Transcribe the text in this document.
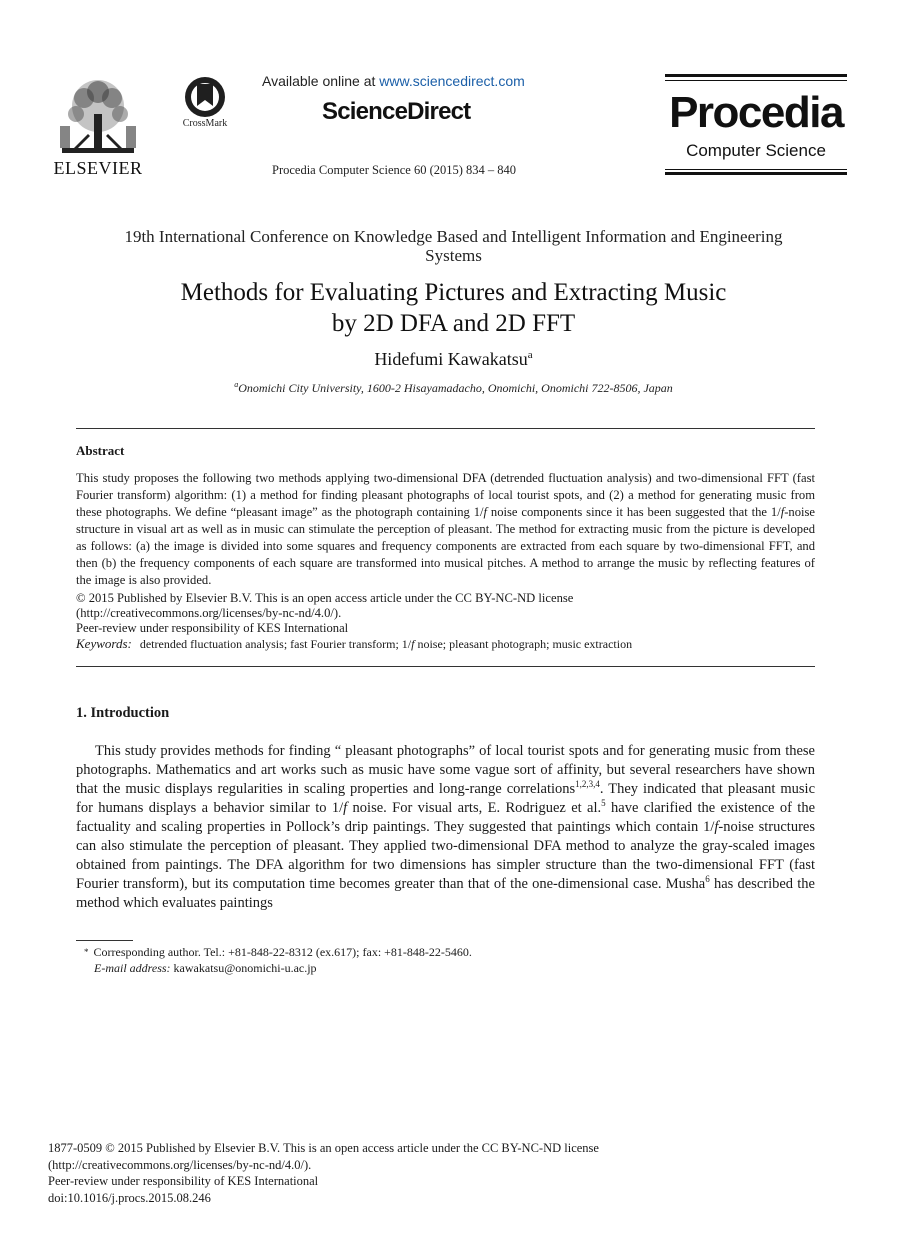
ELSEVIER
CrossMark
Available online at www.sciencedirect.com
ScienceDirect
Procedia Computer Science 60 (2015) 834 – 840
Procedia
Computer Science
19th International Conference on Knowledge Based and Intelligent Information and Engineering
Systems
Methods for Evaluating Pictures and Extracting Music
by 2D DFA and 2D FFT
Hidefumi Kawakatsu$^a$
$^a$Onomichi City University, 1600-2 Hisayamadacho, Onomichi, Onomichi 722-8506, Japan
Abstract
This study proposes the following two methods applying two-dimensional DFA (detrended fluctuation analysis) and two-dimensional FFT (fast Fourier transform) algorithm: (1) a method for finding pleasant photographs of local tourist spots, and (2) a method for generating music from these photographs. We define “pleasant image” as the photograph containing 1/f noise components since it has been suggested that the 1/f-noise structure in visual art as well as in music can stimulate the perception of pleasant. The method for extracting music from the picture is developed as follows: (a) the image is divided into some squares and frequency components are extracted from each square by two-dimensional FFT, and then (b) the frequency components of each square are transformed into musical pitches. A method to arrange the music by reflecting features of the image is also provided.
© 2015 Published by Elsevier B.V. This is an open access article under the CC BY-NC-ND license
(http://creativecommons.org/licenses/by-nc-nd/4.0/).
Peer-review under responsibility of KES International
Keywords: detrended fluctuation analysis; fast Fourier transform; 1/f noise; pleasant photograph; music extraction
1. Introduction

This study provides methods for finding “ pleasant photographs” of local tourist spots and for generating music from these photographs. Mathematics and art works such as music have some vague sort of affinity, but several researchers have shown that the music displays regularities in scaling properties and long-range correlations$^{1,2,3,4}$. They indicated that pleasant music for humans displays a behavior similar to 1/f noise. For visual arts, E. Rodriguez et al.$^5$ have clarified the existence of the factuality and scaling properties in Pollock’s drip paintings. They suggested that paintings which contain 1/f-noise structures can also stimulate the perception of pleasant. They applied two-dimensional DFA method to analyze the gray-scaled images obtained from paintings. The DFA algorithm for two dimensions has simpler structure than the two-dimensional FFT (fast Fourier transform), but its computation time becomes greater than that of the one-dimensional case. Musha$^6$ has described the method which evaluates paintings

* Corresponding author. Tel.: +81-848-22-8312 (ex.617); fax: +81-848-22-5460.
E-mail address: kawakatsu@onomichi-u.ac.jp
1877-0509 © 2015 Published by Elsevier B.V. This is an open access article under the CC BY-NC-ND license
(http://creativecommons.org/licenses/by-nc-nd/4.0/).
Peer-review under responsibility of KES International
doi:10.1016/j.procs.2015.08.246
